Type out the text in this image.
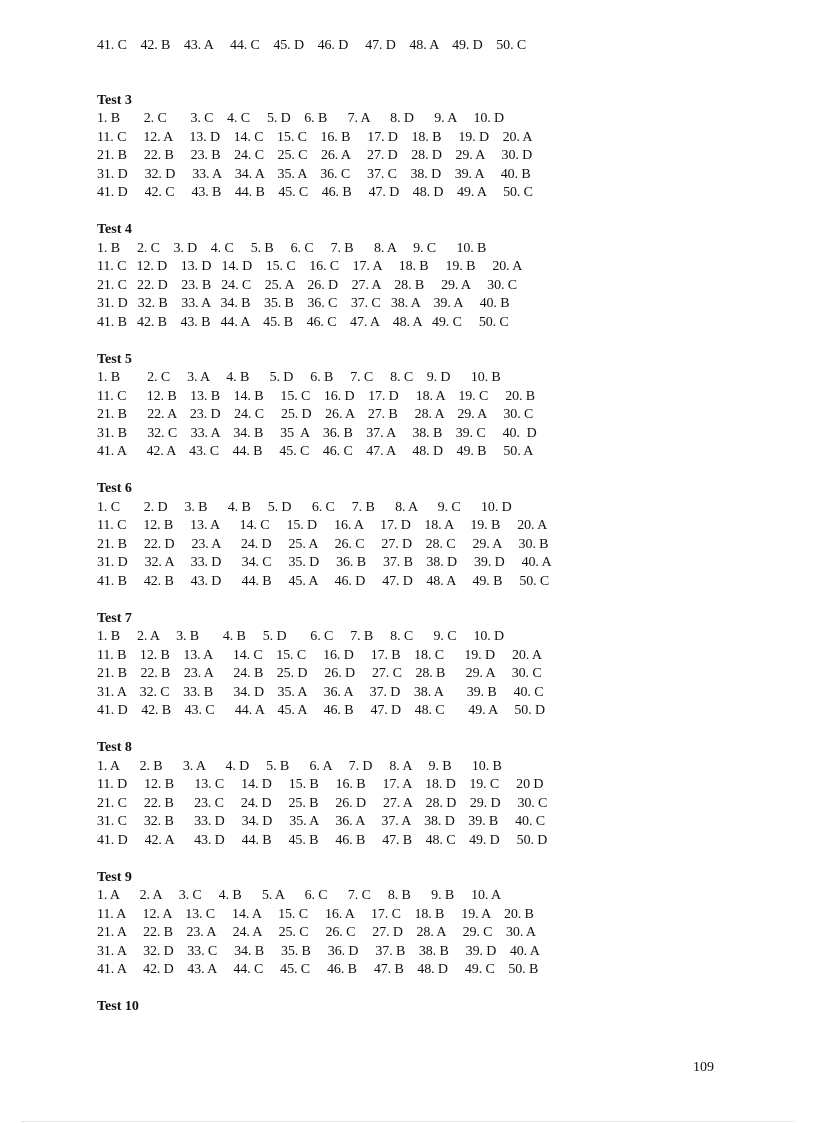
41. C    42. B    43. A     44. C    45. D    46. D     47. D    48. A    49. D    50. C
Test 3
1. B       2. C       3. C    4. C     5. D    6. B      7. A      8. D      9. A     10. D
11. C     12. A     13. D    14. C    15. C    16. B     17. D    18. B     19. D    20. A
21. B     22. B     23. B    24. C    25. C    26. A     27. D    28. D    29. A     30. D
31. D     32. D     33. A    34. A    35. A    36. C     37. C    38. D    39. A     40. B
41. D     42. C     43. B    44. B    45. C    46. B     47. D    48. D    49. A     50. C
Test 4
1. B     2. C    3. D    4. C     5. B     6. C     7. B      8. A     9. C      10. B
11. C   12. D    13. D   14. D    15. C    16. C    17. A     18. B     19. B     20. A
21. C   22. D    23. B   24. C    25. A    26. D    27. A    28. B     29. A     30. C
31. D   32. B    33. A   34. B    35. B    36. C    37. C   38. A    39. A     40. B
41. B   42. B    43. B   44. A    45. B    46. C    47. A    48. A   49. C     50. C
Test 5
1. B        2. C     3. A     4. B      5. D     6. B     7. C     8. C    9. D      10. B
11. C      12. B    13. B    14. B     15. C    16. D    17. D     18. A    19. C     20. B
21. B      22. A    23. D    24. C     25. D    26. A    27. B     28. A    29. A     30. C
31. B      32. C    33. A    34. B     35  A    36. B    37. A     38. B    39. C     40.  D
41. A      42. A    43. C    44. B     45. C    46. C    47. A     48. D    49. B     50. A
Test 6
1. C       2. D     3. B      4. B     5. D      6. C     7. B      8. A      9. C      10. D
11. C     12. B     13. A      14. C     15. D     16. A     17. D    18. A     19. B     20. A
21. B     22. D     23. A      24. D     25. A     26. C     27. D    28. C     29. A     30. B
31. D     32. A     33. D      34. C     35. D     36. B     37. B    38. D     39. D     40. A
41. B     42. B     43. D      44. B     45. A     46. D     47. D    48. A     49. B     50. C
Test 7
1. B     2. A     3. B       4. B     5. D       6. C     7. B     8. C      9. C     10. D
11. B    12. B    13. A      14. C    15. C     16. D     17. B    18. C      19. D     20. A
21. B    22. B    23. A      24. B    25. D     26. D     27. C    28. B      29. A     30. C
31. A    32. C    33. B      34. D    35. A     36. A     37. D    38. A       39. B     40. C
41. D    42. B    43. C      44. A    45. A     46. B     47. D    48. C       49. A     50. D
Test 8
1. A      2. B      3. A      4. D     5. B      6. A     7. D     8. A     9. B      10. B
11. D     12. B      13. C     14. D     15. B     16. B     17. A    18. D    19. C     20 D
21. C     22. B      23. C     24. D     25. B     26. D     27. A    28. D    29. D     30. C
31. C     32. B      33. D     34. D     35. A     36. A     37. A    38. D    39. B     40. C
41. D     42. A      43. D     44. B     45. B     46. B     47. B    48. C    49. D     50. D
Test 9
1. A      2. A     3. C     4. B      5. A      6. C      7. C     8. B      9. B     10. A
11. A     12. A    13. C     14. A     15. C     16. A     17. C    18. B     19. A    20. B
21. A     22. B    23. A     24. A     25. C     26. C     27. D    28. A     29. C    30. A
31. A     32. D    33. C     34. B     35. B     36. D     37. B    38. B     39. D    40. A
41. A     42. D    43. A     44. C     45. C     46. B     47. B    48. D     49. C    50. B
Test 10
109
